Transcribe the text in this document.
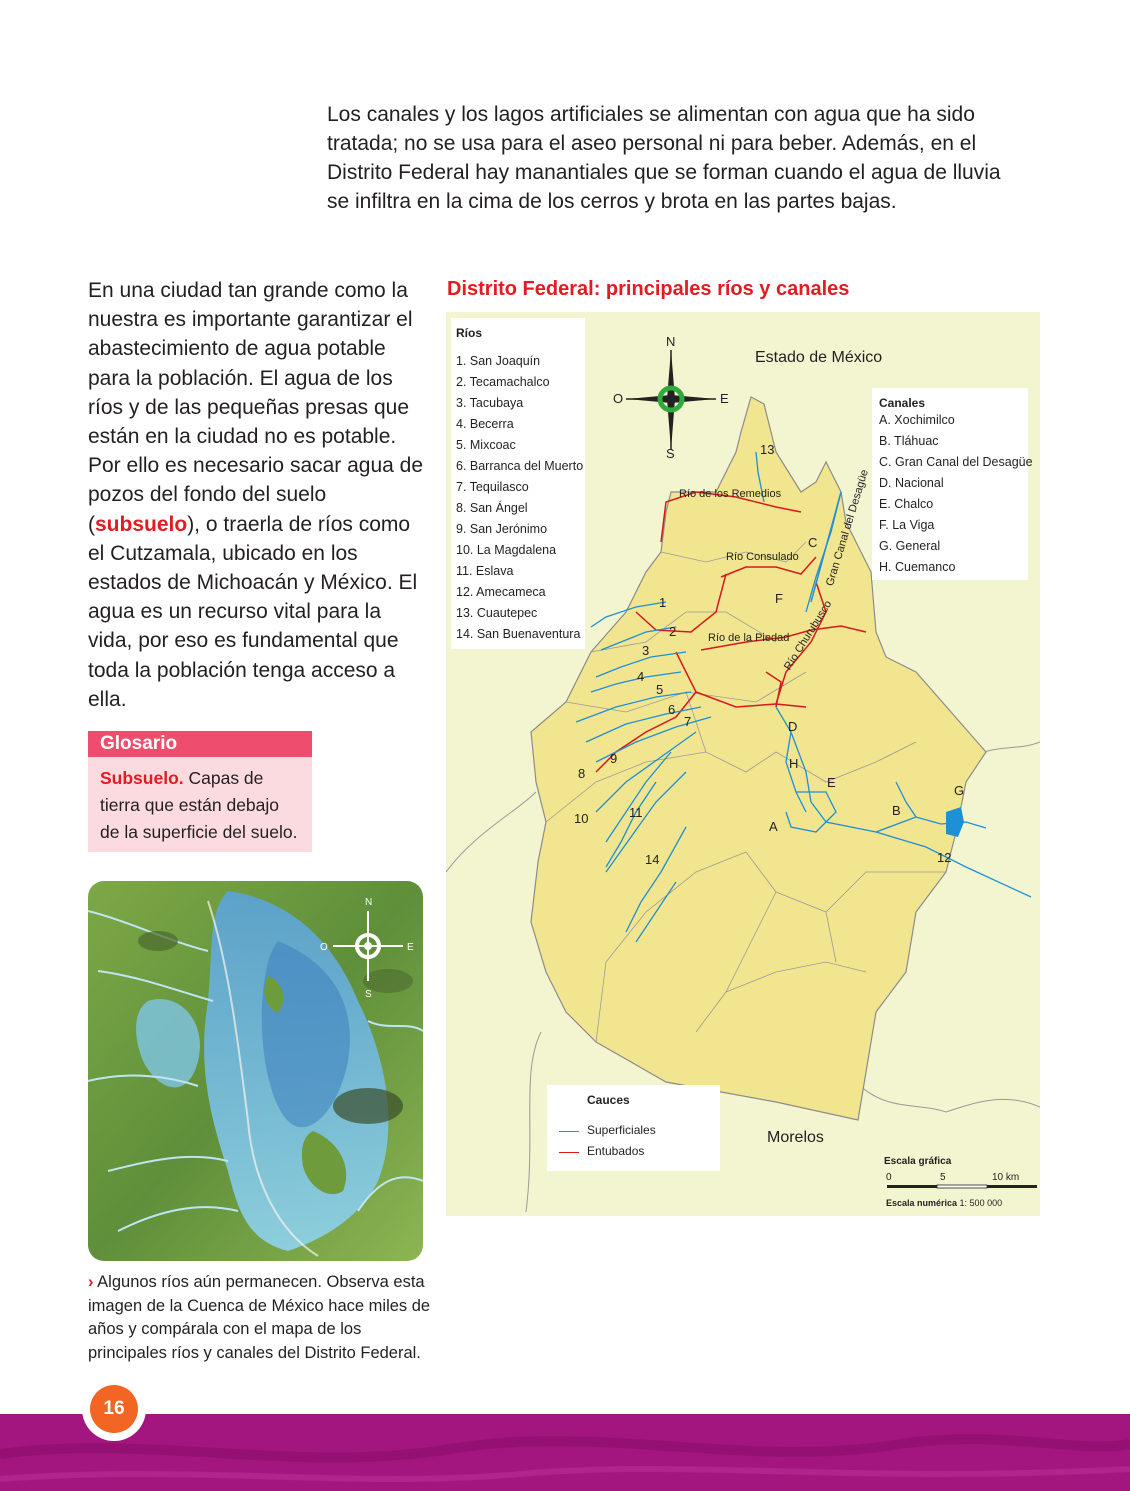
Los canales y los lagos artificiales se alimentan con agua que ha sido tratada; no se usa para el aseo personal ni para beber. Además, en el Distrito Federal hay manantiales que se forman cuando el agua de lluvia se infiltra en la cima de los cerros y brota en las partes bajas.

En una ciudad tan grande como la nuestra es importante garantizar el abastecimiento de agua potable para la población. El agua de los ríos y de las pequeñas presas que están en la ciudad no es potable. Por ello es necesario sacar agua de pozos del fondo del suelo (subsuelo), o traerla de ríos como el Cutzamala, ubicado en los estados de Michoacán y México. El agua es un recurso vital para la vida, por eso es fundamental que toda la población tenga acceso a ella.

Glosario
Subsuelo. Capas de tierra que están debajo de la superficie del suelo.
N
S
E
O

› Algunos ríos aún permanecen. Observa esta imagen de la Cuenca de México hace miles de años y compárala con el mapa de los principales ríos y canales del Distrito Federal.

Distrito Federal: principales ríos y canales
Ríos
1. San Joaquín
2. Tecamachalco
3. Tacubaya
4. Becerra
5. Mixcoac
6. Barranca del Muerto
7. Tequilasco
8. San Ángel
9. San Jerónimo
10. La Magdalena
11. Eslava
12. Amecameca
13. Cuautepec
14. San Buenaventura
Canales
A. Xochimilco
B. Tláhuac
C. Gran Canal del Desagüe
D. Nacional
E. Chalco
F. La Viga
G. General
H. Cuemanco
N
S
E
O
Estado de México
Morelos
Río de los Remedios
Río Consulado
Río de la Piedad
Río Churubusco
Gran Canal del Desagüe
1
2
3
4
5
6
7
8
9
10	11
12
13
14
A
B
C
D
E
F
G
H
Cauces
Superficiales
Entubados
Escala gráfica
0	5	10 km
Escala numérica 1: 500 000
16
